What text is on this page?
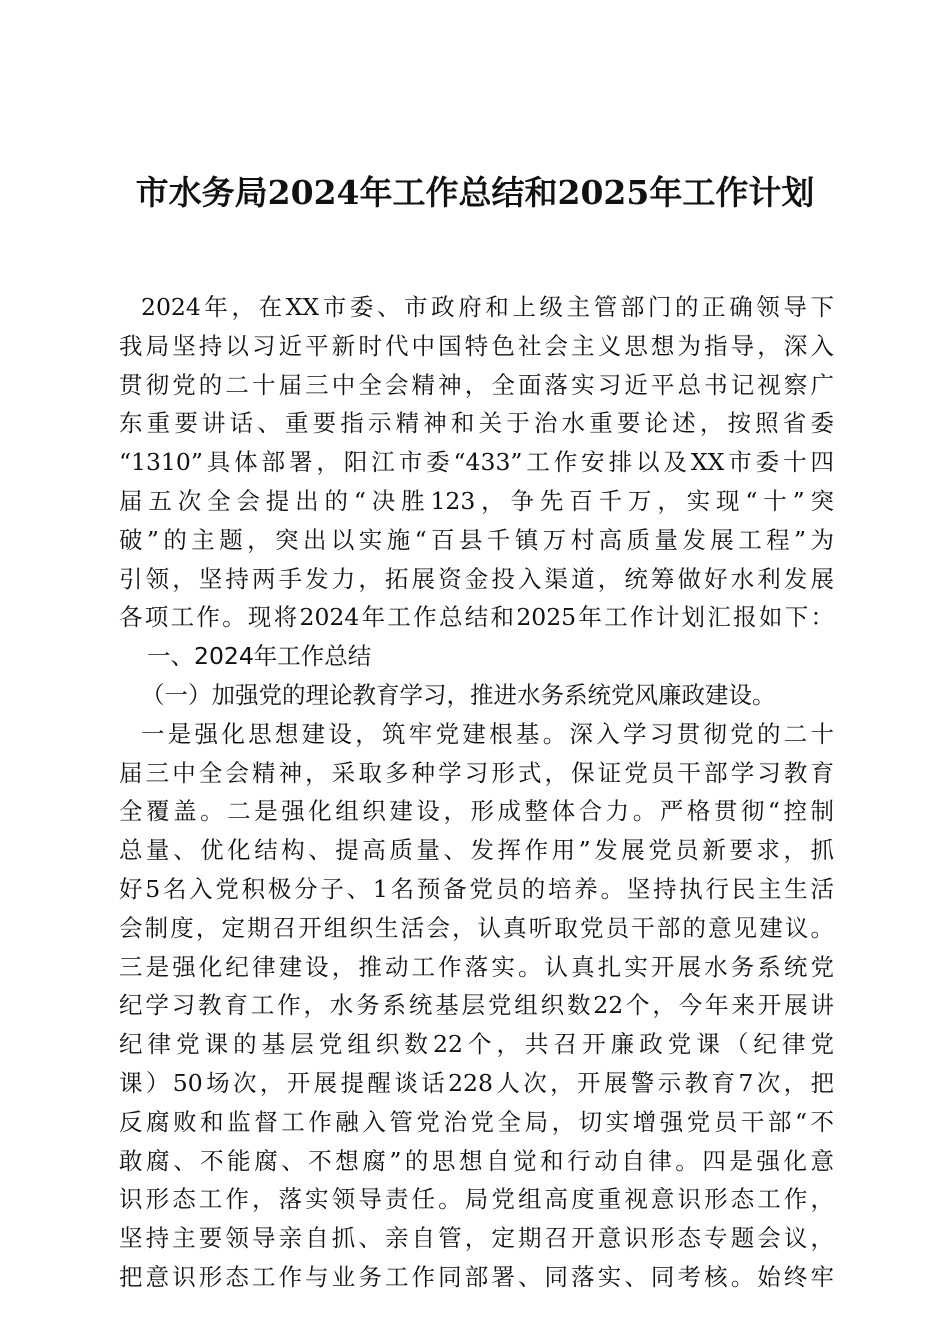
市水务局2024年工作总结和2025年工作计划
2024年，在XX市委、市政府和上级主管部门的正确领导下
我局坚持以习近平新时代中国特色社会主义思想为指导，深入
贯彻党的二十届三中全会精神，全面落实习近平总书记视察广
东重要讲话、重要指示精神和关于治水重要论述，按照省委
“1310”具体部署，阳江市委“433”工作安排以及XX市委十四
届五次全会提出的“决胜123，争先百千万，实现“十”突
破”的主题，突出以实施“百县千镇万村高质量发展工程”为
引领，坚持两手发力，拓展资金投入渠道，统筹做好水利发展
各项工作。现将2024年工作总结和2025年工作计划汇报如下：
一、2024年工作总结
（一）加强党的理论教育学习，推进水务系统党风廉政建设。
一是强化思想建设，筑牢党建根基。深入学习贯彻党的二十
届三中全会精神，采取多种学习形式，保证党员干部学习教育
全覆盖。二是强化组织建设，形成整体合力。严格贯彻“控制
总量、优化结构、提高质量、发挥作用”发展党员新要求，抓
好5名入党积极分子、1名预备党员的培养。坚持执行民主生活
会制度，定期召开组织生活会，认真听取党员干部的意见建议。
三是强化纪律建设，推动工作落实。认真扎实开展水务系统党
纪学习教育工作，水务系统基层党组织数22个，今年来开展讲
纪律党课的基层党组织数22个，共召开廉政党课（纪律党
课）50场次，开展提醒谈话228人次，开展警示教育7次，把
反腐败和监督工作融入管党治党全局，切实增强党员干部“不
敢腐、不能腐、不想腐”的思想自觉和行动自律。四是强化意
识形态工作，落实领导责任。局党组高度重视意识形态工作，
坚持主要领导亲自抓、亲自管，定期召开意识形态专题会议，
把意识形态工作与业务工作同部署、同落实、同考核。始终牢
